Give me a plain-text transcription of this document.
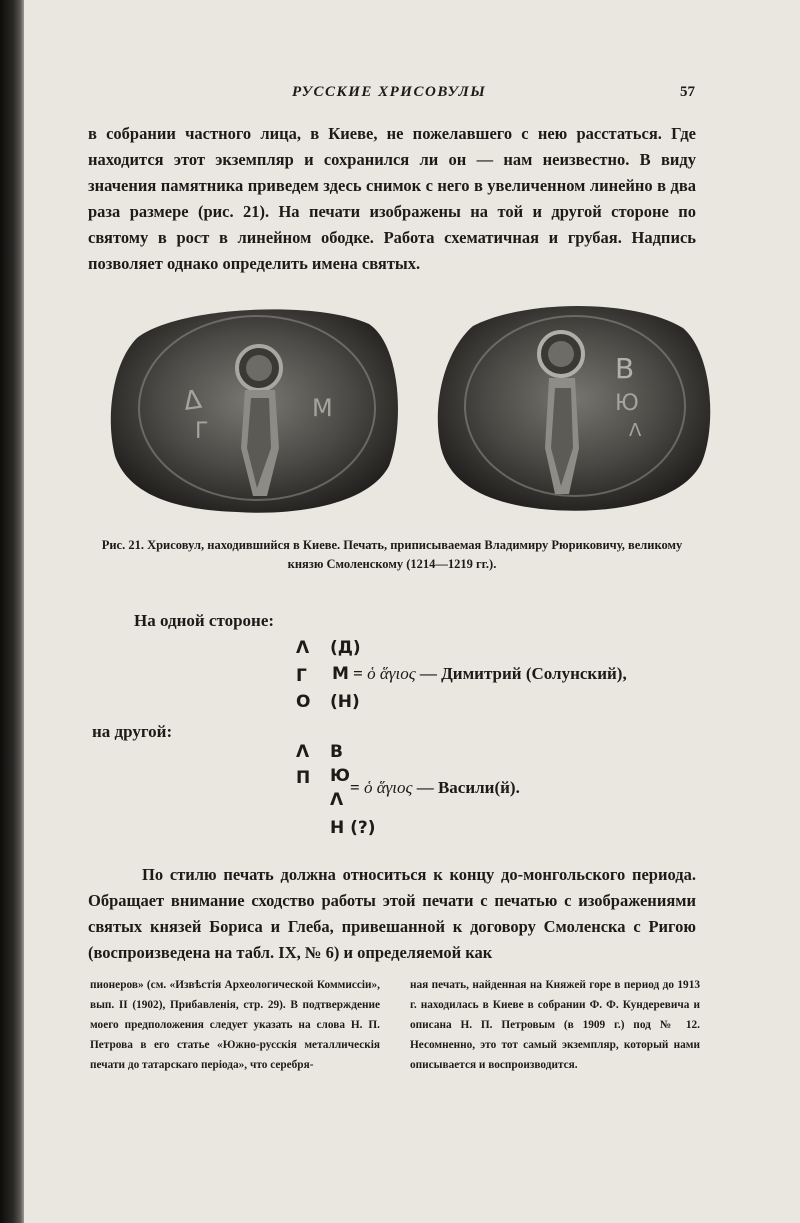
РУССКИЕ ХРИСОВУЛЫ	57

в собрании частного лица, в Киеве, не пожелавшего с нею расстаться. Где находится этот экземпляр и сохранился ли он — нам неизвестно. В виду значения памятника приведем здесь снимок с него в увеличенном линейно в два раза размере (рис. 21). На печати изображены на той и другой стороне по святому в рост в линейном ободке. Работа схематичная и грубая. Надпись позволяет однако определить имена святых.

Δ
Γ
Μ
В
Ю
Λ

Рис. 21. Хрисовул, находившийся в Киеве. Печать, приписываемая Владимиру Рюриковичу, великому князю Смоленскому (1214—1219 гг.).

На одной стороне:
Λ
Γ
О
(Д)
М = ὁ ἅγιος — Димитрий (Солунский),
(Н)
на другой:
Λ
П
В
Ю
Λ
= ὁ ἅγιος — Васили(й).
Н (?)

По стилю печать должна относиться к концу до-монгольского периода. Обращает внимание сходство работы этой печати с печатью с изображениями святых князей Бориса и Глеба, привешанной к договору Смоленска с Ригою (воспроизведена на табл. IX, № 6) и определяемой как

пионеров» (см. «Извѣстія Археологической Коммиссіи», вып. II (1902), Прибавленія, стр. 29). В подтверждение моего предположения следует указать на слова Н. П. Петрова в его статье «Южно-русскія металлическія печати до татарскаго періода», что серебря-

ная печать, найденная на Княжей горе в период до 1913 г. находилась в Киеве в собрании Ф. Ф. Кундеревича и описана Н. П. Петровым (в 1909 г.) под № 12. Несомненно, это тот самый экземпляр, который нами описывается и воспроизводится.
